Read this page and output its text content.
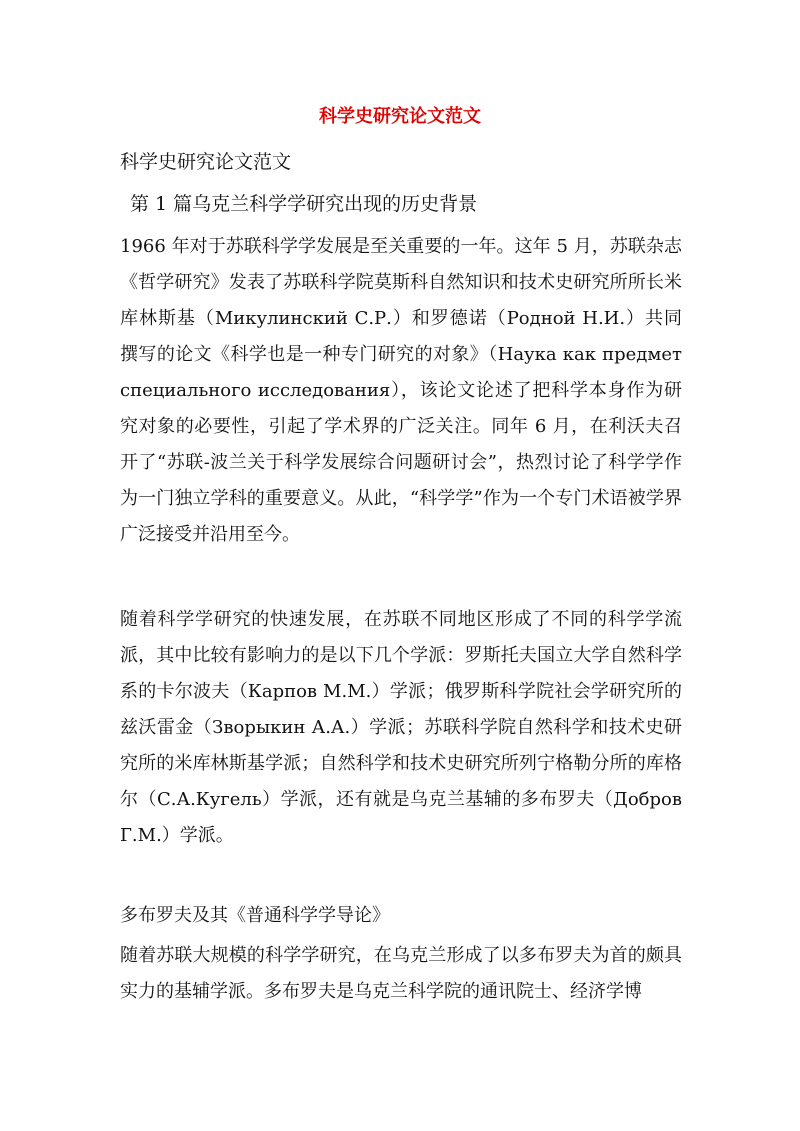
科学史研究论文范文
科学史研究论文范文
第 1 篇乌克兰科学学研究出现的历史背景

1966 年对于苏联科学学发展是至关重要的一年。这年 5 月，苏联杂志《哲学研究》发表了苏联科学院莫斯科自然知识和技术史研究所所长米库林斯基（Микулинский С.Р.）和罗德诺（Родной Н.И.）共同撰写的论文《科学也是一种专门研究的对象》（Наука как предмет специального исследования），该论文论述了把科学本身作为研究对象的必要性，引起了学术界的广泛关注。同年 6 月，在利沃夫召开了“苏联-波兰关于科学发展综合问题研讨会”，热烈讨论了科学学作为一门独立学科的重要意义。从此，“科学学”作为一个专门术语被学界广泛接受并沿用至今。

随着科学学研究的快速发展，在苏联不同地区形成了不同的科学学流派，其中比较有影响力的是以下几个学派：罗斯托夫国立大学自然科学系的卡尔波夫（Карпов М.М.）学派；俄罗斯科学院社会学研究所的兹沃雷金（Зворыкин А.А.）学派；苏联科学院自然科学和技术史研究所的米库林斯基学派；自然科学和技术史研究所列宁格勒分所的库格尔（С.А.Кугель）学派，还有就是乌克兰基辅的多布罗夫（Добров Г.М.）学派。

多布罗夫及其《普通科学学导论》

随着苏联大规模的科学学研究，在乌克兰形成了以多布罗夫为首的颇具实力的基辅学派。多布罗夫是乌克兰科学院的通讯院士、经济学博
